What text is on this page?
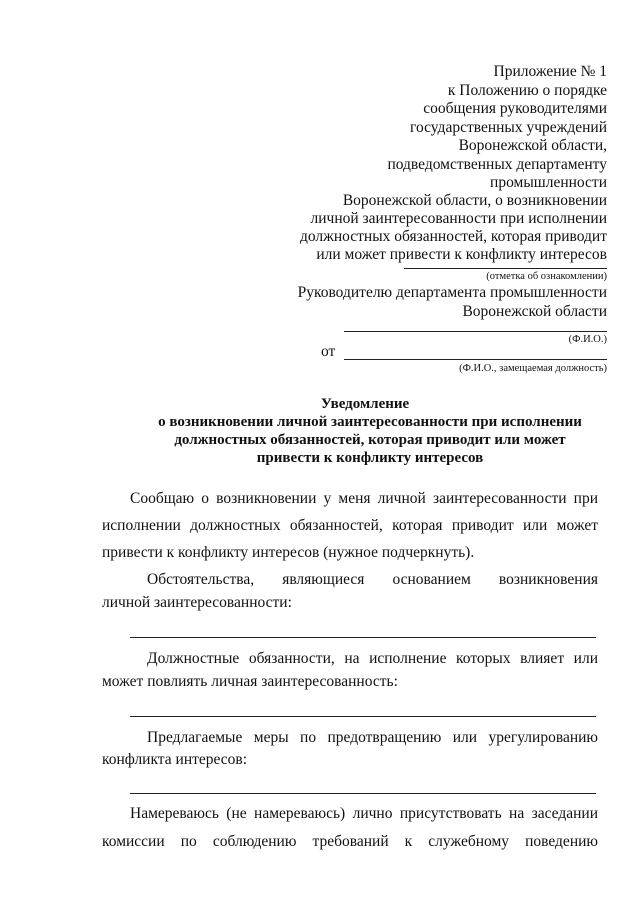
Приложение № 1
к Положению о порядке
сообщения руководителями
государственных учреждений
Воронежской области,
подведомственных департаменту
промышленности
Воронежской области, о возникновении
личной заинтересованности при исполнении
должностных обязанностей, которая приводит
или может привести к конфликту интересов
(отметка об ознакомлении)
Руководителю департамента промышленности
Воронежской области
(Ф.И.О.)
от
(Ф.И.О., замещаемая должность)
Уведомление
о возникновении личной заинтересованности при исполнении
должностных обязанностей, которая приводит или может
привести к конфликту интересов
Сообщаю о возникновении у меня личной заинтересованности при
исполнении должностных обязанностей, которая приводит или может
привести к конфликту интересов (нужное подчеркнуть).
Обстоятельства, являющиеся основанием возникновения
личной заинтересованности:
Должностные обязанности, на исполнение которых влияет или
может повлиять личная заинтересованность:
Предлагаемые меры по предотвращению или урегулированию
конфликта интересов:
Намереваюсь (не намереваюсь) лично присутствовать на заседании
комиссии по соблюдению требований к служебному поведению
